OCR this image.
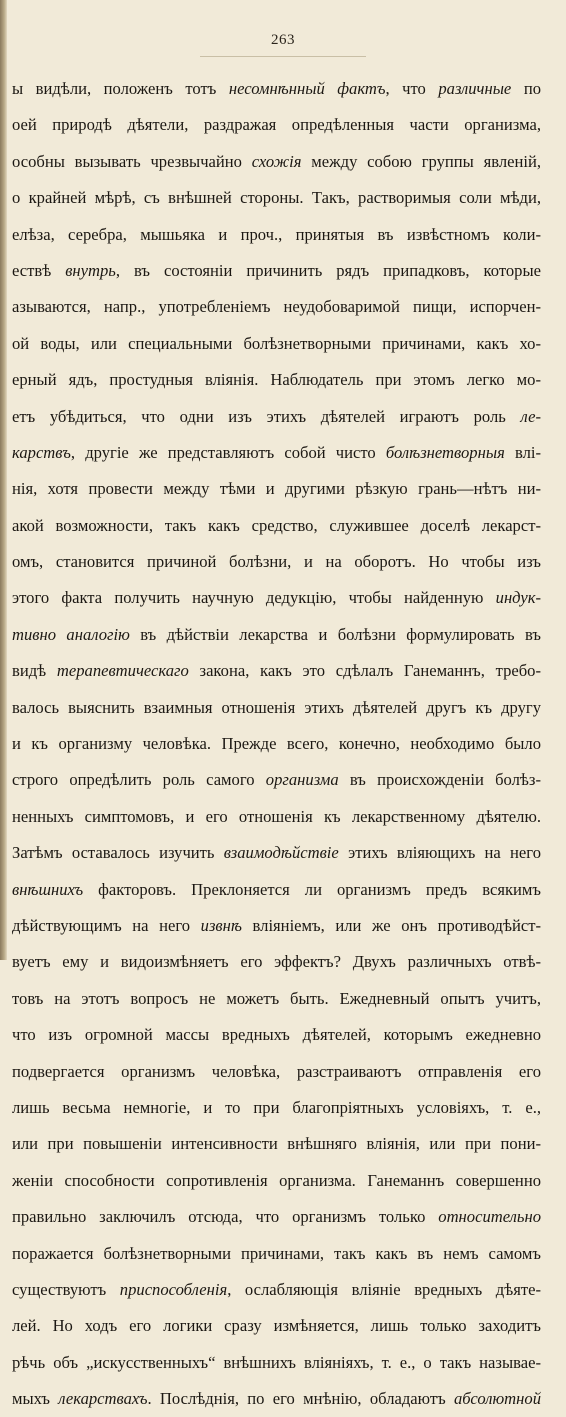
263
ы видѣли, положенъ тотъ несомнѣнный фактъ, что различные по
оей природѣ дѣятели, раздражая опредѣленныя части организма,
особны вызывать чрезвычайно схожія между собою группы явленій,
о крайней мѣрѣ, съ внѣшней стороны. Такъ, растворимыя соли мѣди,
елѣза, серебра, мышьяка и проч., принятыя въ извѣстномъ коли-
ествѣ внутрь, въ состояніи причинить рядъ припадковъ, которые
азываются, напр., употребленіемъ неудобоваримой пищи, испорчен-
ой воды, или специальными болѣзнетворными причинами, какъ хо-
ерный ядъ, простудныя вліянія. Наблюдатель при этомъ легко мо-
етъ убѣдиться, что одни изъ этихъ дѣятелей играютъ роль ле-
карствъ, другіе же представляютъ собой чисто болѣзнетворныя влі-
нія, хотя провести между тѣми и другими рѣзкую грань—нѣтъ ни-
акой возможности, такъ какъ средство, служившее доселѣ лекарст-
омъ, становится причиной болѣзни, и на оборотъ. Но чтобы изъ
этого факта получить научную дедукцію, чтобы найденную индук-
тивно аналогію въ дѣйствіи лекарства и болѣзни формулировать въ
видѣ терапевтическаго закона, какъ это сдѣлалъ Ганеманнъ, требо-
валось выяснить взаимныя отношенія этихъ дѣятелей другъ къ другу
и къ организму человѣка. Прежде всего, конечно, необходимо было
строго опредѣлить роль самого организма въ происхожденіи болѣз-
ненныхъ симптомовъ, и его отношенія къ лекарственному дѣятелю.
Затѣмъ оставалось изучить взаимодѣйствіе этихъ вліяющихъ на него
внѣшнихъ факторовъ. Преклоняется ли организмъ предъ всякимъ
дѣйствующимъ на него извнѣ вліяніемъ, или же онъ противодѣйст-
вуетъ ему и видоизмѣняетъ его эффектъ? Двухъ различныхъ отвѣ-
товъ на этотъ вопросъ не можетъ быть. Ежедневный опытъ учитъ,
что изъ огромной массы вредныхъ дѣятелей, которымъ ежедневно
подвергается организмъ человѣка, разстраиваютъ отправленія его
лишь весьма немногіе, и то при благопріятныхъ условіяхъ, т. е.,
или при повышеніи интенсивности внѣшняго вліянія, или при пони-
женіи способности сопротивленія организма. Ганеманнъ совершенно
правильно заключилъ отсюда, что организмъ только относительно
поражается болѣзнетворными причинами, такъ какъ въ немъ самомъ
существуютъ приспособленія, ослабляющія вліяніе вредныхъ дѣяте-
лей. Но ходъ его логики сразу измѣняется, лишь только заходитъ
рѣчь объ „искусственныхъ“ внѣшнихъ вліяніяхъ, т. е., о такъ называе-
мыхъ лекарствахъ. Послѣднія, по его мнѣнію, обладаютъ абсолютной
